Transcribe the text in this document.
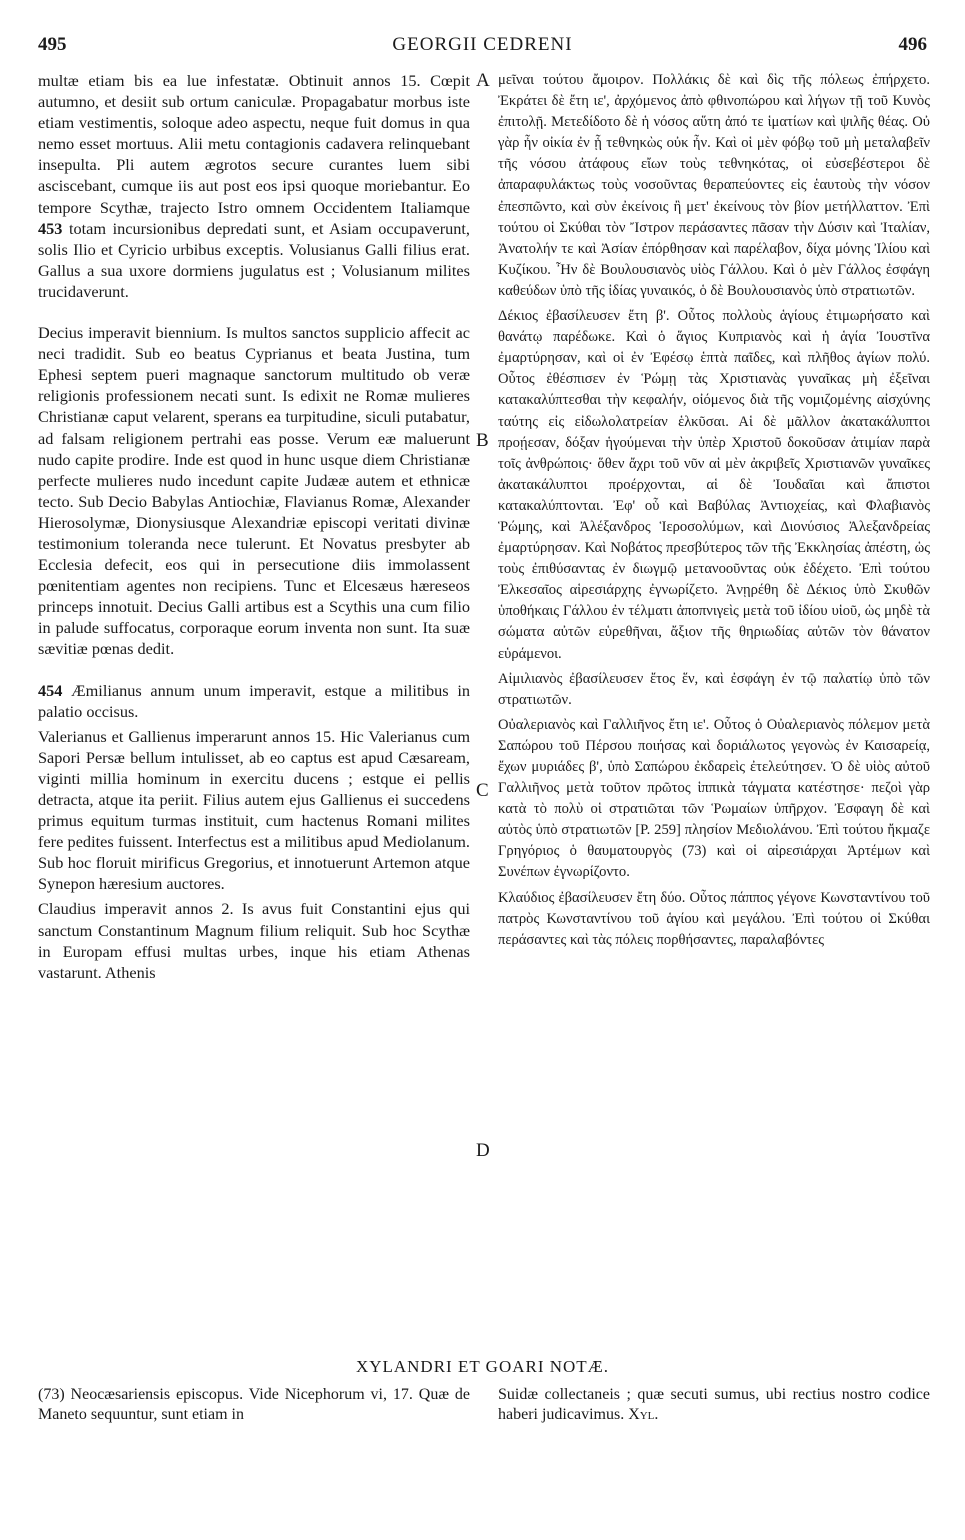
495	GEORGII CEDRENI	496

multæ etiam bis ea lue infestatæ. Obtinuit annos 15. Cœpit autumno, et desiit sub ortum caniculæ. Propagabatur morbus iste etiam vestimentis, soloque adeo aspectu, neque fuit domus in qua nemo esset mortuus. Alii metu contagionis cadavera relinquebant insepulta. Pli autem ægrotos secure curantes luem sibi asciscebant, cumque iis aut post eos ipsi quoque moriebantur. Eo tempore Scythæ, trajecto Istro omnem Occidentem Italiamque 453 totam incursionibus depredati sunt, et Asiam occupaverunt, solis Ilio et Cyricio urbibus exceptis. Volusianus Galli filius erat. Gallus a sua uxore dormiens jugulatus est ; Volusianum milites trucidaverunt.

Decius imperavit biennium. Is multos sanctos supplicio affecit ac neci tradidit. Sub eo beatus Cyprianus et beata Justina, tum Ephesi septem pueri magnaque sanctorum multitudo ob veræ religionis professionem necati sunt. Is edixit ne Romæ mulieres Christianæ caput velarent, sperans ea turpitudine, siculi putabatur, ad falsam religionem pertrahi eas posse. Verum eæ maluerunt nudo capite prodire. Inde est quod in hunc usque diem Christianæ perfecte mulieres nudo incedunt capite Judææ autem et ethnicæ tecto. Sub Decio Babylas Antiochiæ, Flavianus Romæ, Alexander Hierosolymæ, Dionysiusque Alexandriæ episcopi veritati divinæ testimonium toleranda nece tulerunt. Et Novatus presbyter ab Ecclesia defecit, eos qui in persecutione diis immolassent pœnitentiam agentes non recipiens. Tunc et Elcesæus hæreseos princeps innotuit. Decius Galli artibus est a Scythis una cum filio in palude suffocatus, corporaque eorum inventa non sunt. Ita suæ sævitiæ pœnas dedit.

454 Æmilianus annum unum imperavit, estque a militibus in palatio occisus.

Valerianus et Gallienus imperarunt annos 15. Hic Valerianus cum Sapori Persæ bellum intulisset, ab eo captus est apud Cæsaream, viginti millia hominum in exercitu ducens ; estque ei pellis detracta, atque ita periit. Filius autem ejus Gallienus ei succedens primus equitum turmas instituit, cum hactenus Romani milites fere pedites fuissent. Interfectus est a militibus apud Mediolanum. Sub hoc floruit mirificus Gregorius, et innotuerunt Artemon atque Synepon hæresium auctores.

Claudius imperavit annos 2. Is avus fuit Constantini ejus qui sanctum Constantinum Magnum filium reliquit. Sub hoc Scythæ in Europam effusi multas urbes, inque his etiam Athenas vastarunt. Athenis

A
B
C
D

μεῖναι τούτου ἄμοιρον. Πολλάκις δὲ καὶ δὶς τῆς πόλεως ἐπήρχετο. Ἐκράτει δὲ ἔτη ιε', ἀρχόμενος ἀπὸ φθινοπώρου καὶ λήγων τῇ τοῦ Κυνὸς ἐπιτολῇ. Μετεδίδοτο δὲ ἡ νόσος αὕτη ἀπό τε ἱματίων καὶ ψιλῆς θέας. Οὐ γὰρ ἦν οἰκία ἐν ᾗ τεθνηκὼς οὐκ ἦν. Καὶ οἱ μὲν φόβῳ τοῦ μὴ μεταλαβεῖν τῆς νόσου ἀτάφους εἴων τοὺς τεθνηκότας, οἱ εὐσεβέστεροι δὲ ἀπαραφυλάκτως τοὺς νοσοῦντας θεραπεύοντες εἰς ἑαυτοὺς τὴν νόσον ἐπεσπῶντο, καὶ σὺν ἐκείνοις ἢ μετ' ἐκείνους τὸν βίον μετήλλαττον. Ἐπὶ τούτου οἱ Σκύθαι τὸν Ἴστρον περάσαντες πᾶσαν τὴν Δύσιν καὶ Ἰταλίαν, Ἀνατολήν τε καὶ Ἀσίαν ἐπόρθησαν καὶ παρέλαβον, δίχα μόνης Ἰλίου καὶ Κυζίκου. Ἦν δὲ Βουλουσιανὸς υἱὸς Γάλλου. Καὶ ὁ μὲν Γάλλος ἐσφάγη καθεύδων ὑπὸ τῆς ἰδίας γυναικός, ὁ δὲ Βουλουσιανὸς ὑπὸ στρατιωτῶν.

Δέκιος ἐβασίλευσεν ἔτη β'. Οὗτος πολλοὺς ἁγίους ἐτιμωρήσατο καὶ θανάτῳ παρέδωκε. Καὶ ὁ ἅγιος Κυπριανὸς καὶ ἡ ἁγία Ἰουστῖνα ἐμαρτύρησαν, καὶ οἱ ἐν Ἐφέσῳ ἑπτὰ παῖδες, καὶ πλῆθος ἁγίων πολύ. Οὗτος ἐθέσπισεν ἐν Ῥώμῃ τὰς Χριστιανὰς γυναῖκας μὴ ἐξεῖναι κατακαλύπτεσθαι τὴν κεφαλήν, οἰόμενος διὰ τῆς νομιζομένης αἰσχύνης ταύτης εἰς εἰδωλολατρείαν ἑλκῦσαι. Αἱ δὲ μᾶλλον ἀκατακάλυπτοι προῄεσαν, δόξαν ἡγούμεναι τὴν ὑπὲρ Χριστοῦ δοκοῦσαν ἀτιμίαν παρὰ τοῖς ἀνθρώποις· ὅθεν ἄχρι τοῦ νῦν αἱ μὲν ἀκριβεῖς Χριστιανῶν γυναῖκες ἀκατακάλυπτοι προέρχονται, αἱ δὲ Ἰουδαῖαι καὶ ἄπιστοι κατακαλύπτονται. Ἐφ' οὗ καὶ Βαβύλας Ἀντιοχείας, καὶ Φλαβιανὸς Ῥώμης, καὶ Ἀλέξανδρος Ἱεροσολύμων, καὶ Διονύσιος Ἀλεξανδρείας ἐμαρτύρησαν. Καὶ Νοβάτος πρεσβύτερος τῶν τῆς Ἐκκλησίας ἀπέστη, ὡς τοὺς ἐπιθύσαντας ἐν διωγμῷ μετανοοῦντας οὐκ ἐδέχετο. Ἐπὶ τούτου Ἐλκεσαῖος αἱρεσιάρχης ἐγνωρίζετο. Ἀνῃρέθη δὲ Δέκιος ὑπὸ Σκυθῶν ὑποθήκαις Γάλλου ἐν τέλματι ἀποπνιγεὶς μετὰ τοῦ ἰδίου υἱοῦ, ὡς μηδὲ τὰ σώματα αὐτῶν εὑρεθῆναι, ἄξιον τῆς θηριωδίας αὐτῶν τὸν θάνατον εὑράμενοι.

Αἰμιλιανὸς ἐβασίλευσεν ἔτος ἕν, καὶ ἐσφάγη ἐν τῷ παλατίῳ ὑπὸ τῶν στρατιωτῶν.

Οὐαλεριανὸς καὶ Γαλλιῆνος ἔτη ιε'. Οὗτος ὁ Οὐαλεριανὸς πόλεμον μετὰ Σαπώρου τοῦ Πέρσου ποιήσας καὶ δοριάλωτος γεγονὼς ἐν Καισαρείᾳ, ἔχων μυριάδες β', ὑπὸ Σαπώρου ἐκδαρεὶς ἐτελεύτησεν. Ὁ δὲ υἱὸς αὐτοῦ Γαλλιῆνος μετὰ τοῦτον πρῶτος ἱππικὰ τάγματα κατέστησε· πεζοὶ γὰρ κατὰ τὸ πολὺ οἱ στρατιῶται τῶν Ῥωμαίων ὑπῆρχον. Ἐσφαγη δὲ καὶ αὐτὸς ὑπὸ στρατιωτῶν [P. 259] πλησίον Μεδιολάνου. Ἐπὶ τούτου ἤκμαζε Γρηγόριος ὁ θαυματουργὸς (73) καὶ οἱ αἱρεσιάρχαι Ἀρτέμων καὶ Συνέπων ἐγνωρίζοντο.

Κλαύδιος ἐβασίλευσεν ἔτη δύο. Οὗτος πάππος γέγονε Κωνσταντίνου τοῦ πατρὸς Κωνσταντίνου τοῦ ἁγίου καὶ μεγάλου. Ἐπὶ τούτου οἱ Σκύθαι περάσαντες καὶ τὰς πόλεις πορθήσαντες, παραλαβόντες

XYLANDRI ET GOARI NOTÆ.
(73) Neocæsariensis episcopus. Vide Nicephorum vi, 17. Quæ de Maneto sequuntur, sunt etiam in
Suidæ collectaneis ; quæ secuti sumus, ubi rectius nostro codice haberi judicavimus. Xyl.
